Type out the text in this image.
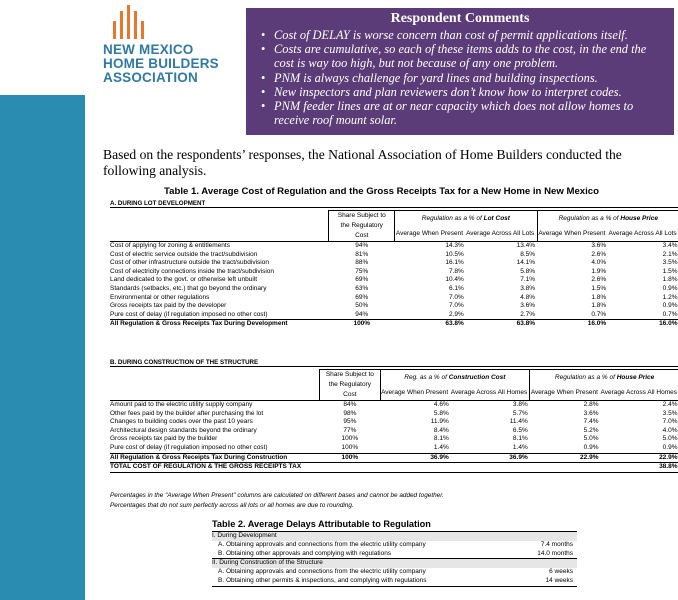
NEW MEXICO
HOME BUILDERS
ASSOCIATION
Respondent Comments
• Cost of DELAY is worse concern than cost of permit applications itself.
• Costs are cumulative, so each of these items adds to the cost, in the end the cost is way too high, but not because of any one problem.
• PNM is always challenge for yard lines and building inspections.
• New inspectors and plan reviewers don’t know how to interpret codes.
• PNM feeder lines are at or near capacity which does not allow homes to receive roof mount solar.
Based on the respondents’ responses, the National Association of Home Builders conducted the following analysis.
Table 1. Average Cost of Regulation and the Gross Receipts Tax for a New Home in New Mexico
A. DURING LOT DEVELOPMENT
	Share Subject to the Regulatory Cost	Regulation as a % of Lot Cost		Regulation as a % of House Price	
		Average When Present	Average Across All Lots	Average When Present	Average Across All Lots

Cost of applying for zoning & entitlements	94%	14.3%	13.4%	3.6%	3.4%
Cost of electric service outside the tract/subdivision	81%	10.5%	8.5%	2.6%	2.1%
Cost of other infrastructure outside the tract/subdivision	88%	16.1%	14.1%	4.0%	3.5%
Cost of electricity connections inside the tract/subdivision	75%	7.8%	5.8%	1.9%	1.5%
Land dedicated to the govt. or otherwise left unbuilt	69%	10.4%	7.1%	2.6%	1.8%
Standards (setbacks, etc.) that go beyond the ordinary	63%	6.1%	3.8%	1.5%	0.9%
Environmental or other regulations	69%	7.0%	4.8%	1.8%	1.2%
Gross receipts tax paid by the developer	50%	7.0%	3.6%	1.8%	0.9%
Pure cost of delay (if regulation imposed no other cost)	94%	2.9%	2.7%	0.7%	0.7%
All Regulation & Gross Receipts Tax During Development	100%	63.8%	63.8%	16.0%	16.0%
B. DURING CONSTRUCTION OF THE STRUCTURE
	Share Subject to the Regulatory Cost	Reg. as a % of Construction Cost		Regulation as a % of House Price	
		Average When Present	Average Across All Homes	Average When Present	Average Across All Homes

Amount paid to the electric utility supply company	84%	4.6%	3.8%	2.8%	2.4%
Other fees paid by the builder after purchasing the lot	98%	5.8%	5.7%	3.6%	3.5%
Changes to building codes over the past 10 years	95%	11.9%	11.4%	7.4%	7.0%
Architectural design standards beyond the ordinary	77%	8.4%	6.5%	5.2%	4.0%
Gross receipts tax paid by the builder	100%	8.1%	8.1%	5.0%	5.0%
Pure cost of delay (if regulation imposed no other cost)	100%	1.4%	1.4%	0.9%	0.9%
All Regulation & Gross Receipts Tax During Construction	100%	36.9%	36.9%	22.9%	22.9%
TOTAL COST OF REGULATION & THE GROSS RECEIPTS TAX					38.8%
Percentages in the "Average When Present" columns are calculated on different bases and cannot be added together.
Percentages that do not sum perfectly across all lots or all homes are due to rounding.
Table 2. Average Delays Attributable to Regulation
I. During Development	
A. Obtaining approvals and connections from the electric utility company	7.4 months
B. Obtaining other approvals and complying with regulations	14.0 months
II. During Construction of the Structure	
A. Obtaining approvals and connections from the electric utility company	6 weeks
B. Obtaining other permits & inspections, and complying with regulations	14 weeks
